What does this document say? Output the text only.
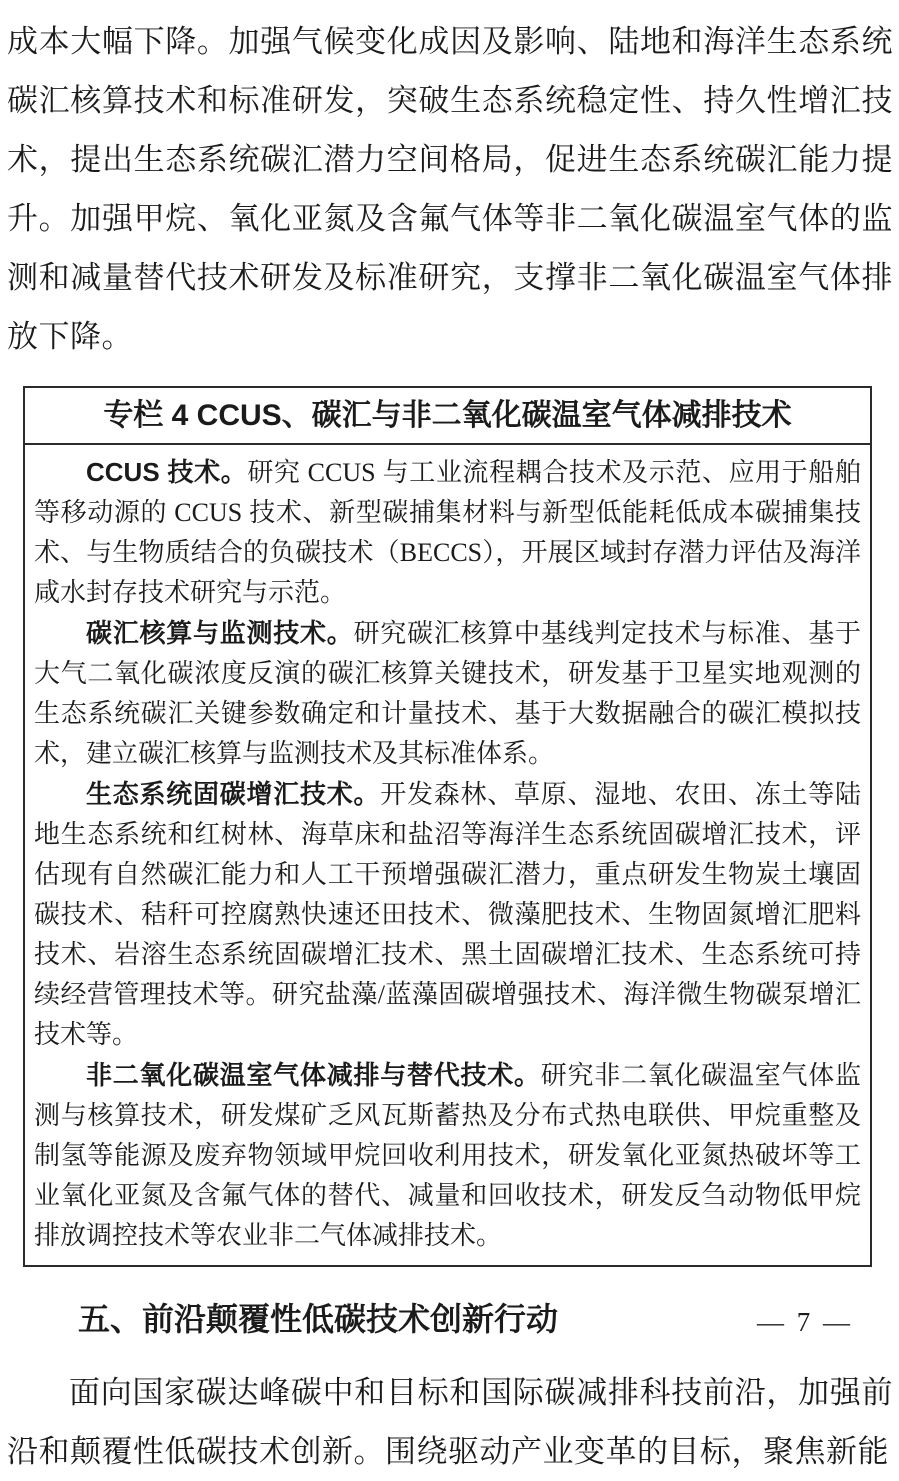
成本大幅下降。加强气候变化成因及影响、陆地和海洋生态系统碳汇核算技术和标准研发，突破生态系统稳定性、持久性增汇技术，提出生态系统碳汇潜力空间格局，促进生态系统碳汇能力提升。加强甲烷、氧化亚氮及含氟气体等非二氧化碳温室气体的监测和减量替代技术研发及标准研究，支撑非二氧化碳温室气体排放下降。

专栏 4 CCUS、碳汇与非二氧化碳温室气体减排技术

CCUS 技术。研究 CCUS 与工业流程耦合技术及示范、应用于船舶等移动源的 CCUS 技术、新型碳捕集材料与新型低能耗低成本碳捕集技术、与生物质结合的负碳技术（BECCS），开展区域封存潜力评估及海洋咸水封存技术研究与示范。

碳汇核算与监测技术。研究碳汇核算中基线判定技术与标准、基于大气二氧化碳浓度反演的碳汇核算关键技术，研发基于卫星实地观测的生态系统碳汇关键参数确定和计量技术、基于大数据融合的碳汇模拟技术，建立碳汇核算与监测技术及其标准体系。

生态系统固碳增汇技术。开发森林、草原、湿地、农田、冻土等陆地生态系统和红树林、海草床和盐沼等海洋生态系统固碳增汇技术，评估现有自然碳汇能力和人工干预增强碳汇潜力，重点研发生物炭土壤固碳技术、秸秆可控腐熟快速还田技术、微藻肥技术、生物固氮增汇肥料技术、岩溶生态系统固碳增汇技术、黑土固碳增汇技术、生态系统可持续经营管理技术等。研究盐藻/蓝藻固碳增强技术、海洋微生物碳泵增汇技术等。

非二氧化碳温室气体减排与替代技术。研究非二氧化碳温室气体监测与核算技术，研发煤矿乏风瓦斯蓄热及分布式热电联供、甲烷重整及制氢等能源及废弃物领域甲烷回收利用技术，研发氧化亚氮热破坏等工业氧化亚氮及含氟气体的替代、减量和回收技术，研发反刍动物低甲烷排放调控技术等农业非二气体减排技术。

五、前沿颠覆性低碳技术创新行动

面向国家碳达峰碳中和目标和国际碳减排科技前沿，加强前沿和颠覆性低碳技术创新。围绕驱动产业变革的目标，聚焦新能

— 7 —
